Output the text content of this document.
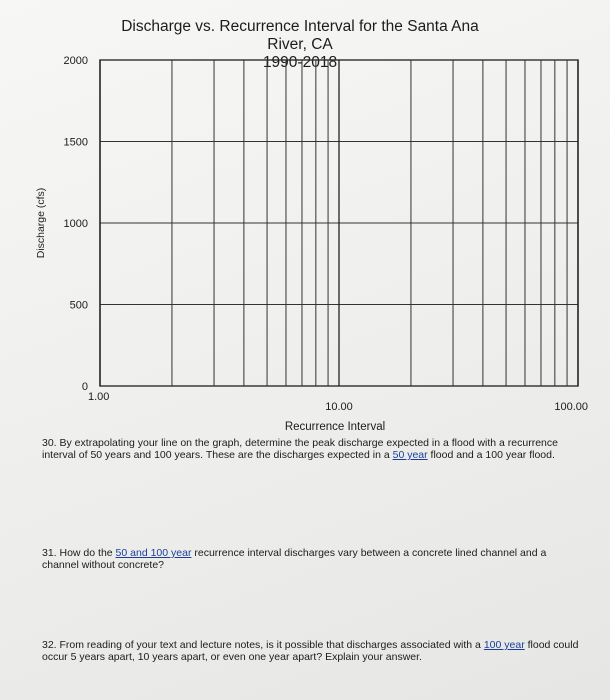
Discharge vs. Recurrence Interval for the Santa Ana River, CA
1990-2018
0
500
1000
1500
2000
1.00
10.00	100.00
Recurrence Interval
Discharge (cfs)
30. By extrapolating your line on the graph, determine the peak discharge expected in a flood with a recurrence interval of 50 years and 100 years. These are the discharges expected in a 50 year flood and a 100 year flood.
31. How do the 50 and 100 year recurrence interval discharges vary between a concrete lined channel and a channel without concrete?
32. From reading of your text and lecture notes, is it possible that discharges associated with a 100 year flood could occur 5 years apart, 10 years apart, or even one year apart? Explain your answer.
